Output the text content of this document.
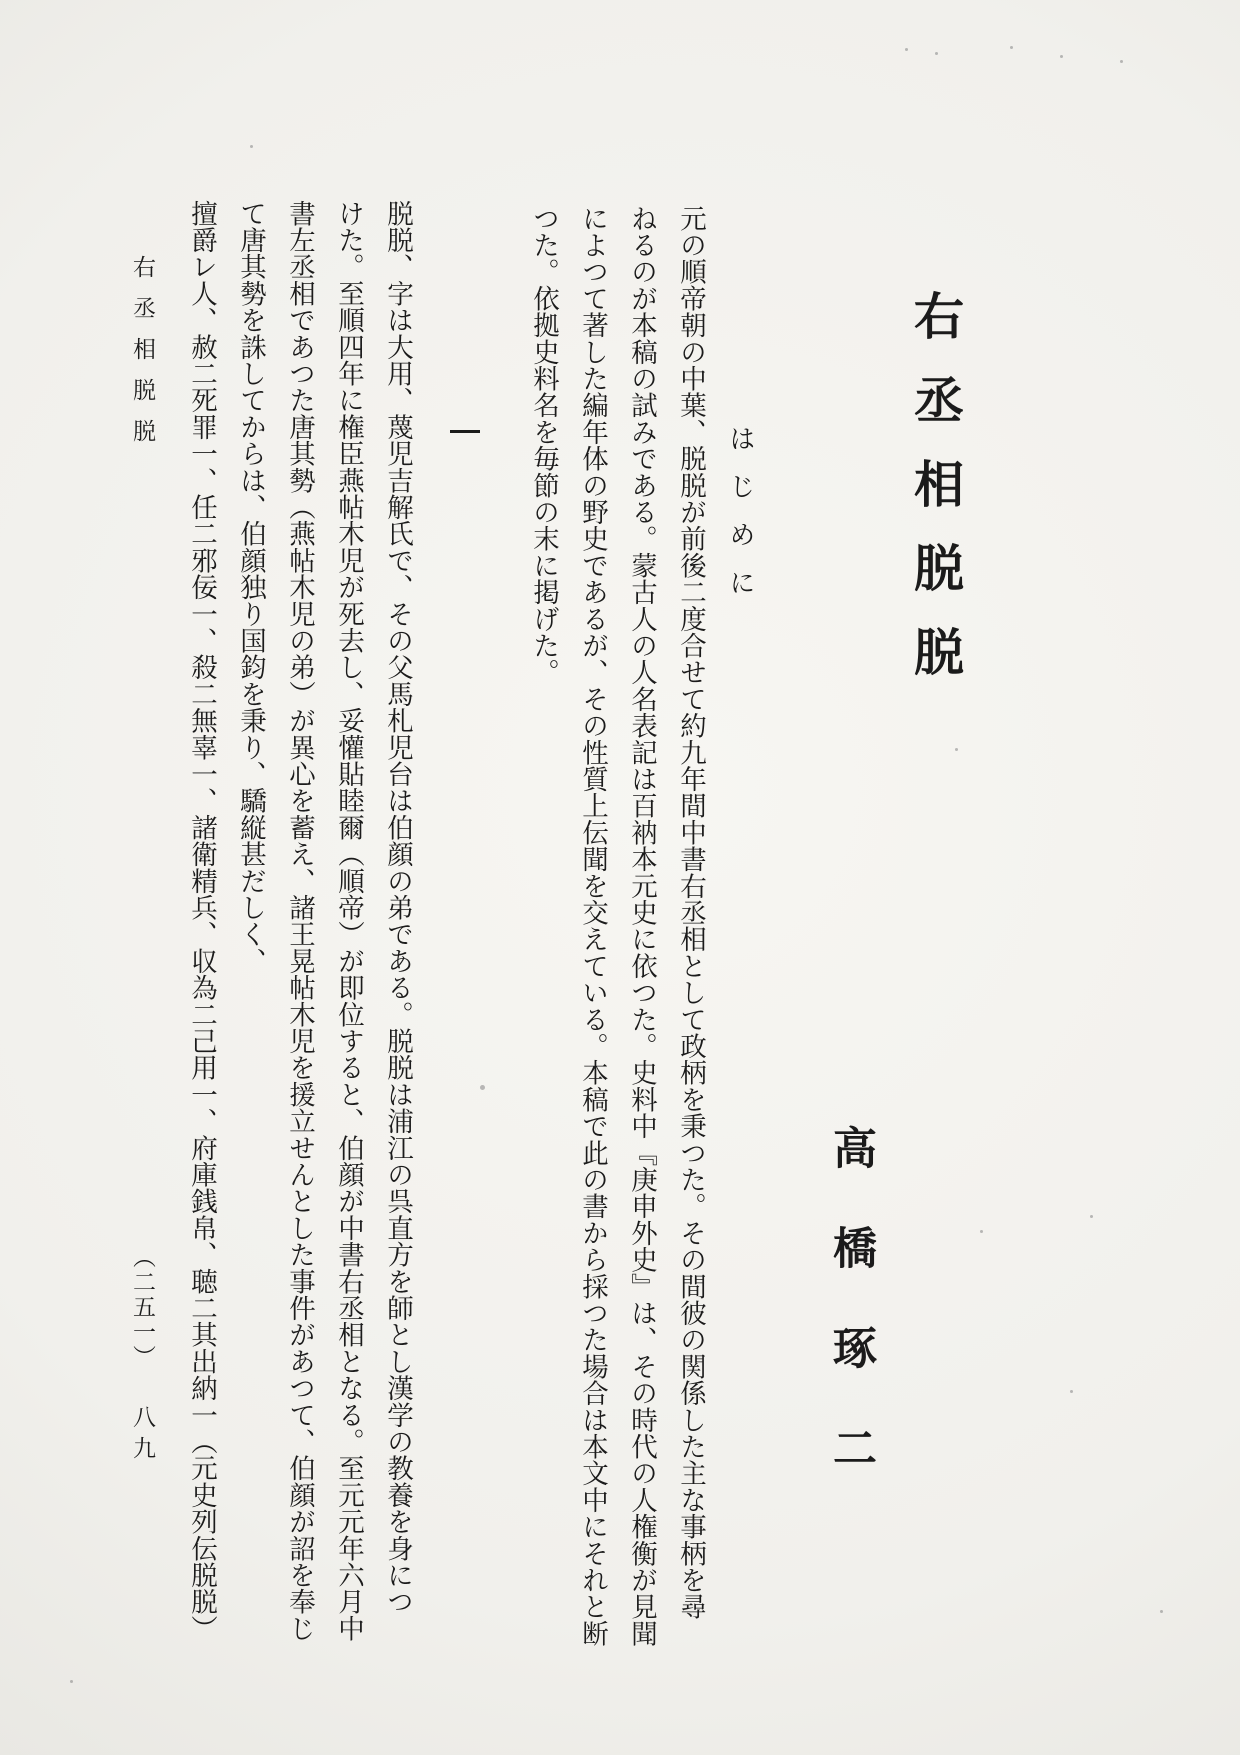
右丞相脱脱
高橋琢二
はじめに
元の順帝朝の中葉、脱脱が前後二度合せて約九年間中書右丞相として政柄を秉つた。その間彼の関係した主な事柄を尋
ねるのが本稿の試みである。蒙古人の人名表記は百衲本元史に依つた。史料中『庚申外史』は、その時代の人権衡が見聞
によつて著した編年体の野史であるが、その性質上伝聞を交えている。本稿で此の書から採つた場合は本文中にそれと断
つた。依拠史料名を毎節の末に掲げた。
脱脱、字は大用、蔑児吉解氏で、その父馬札児台は伯顔の弟である。脱脱は浦江の呉直方を師とし漢学の教養を身につ
けた。至順四年に権臣燕帖木児が死去し、妥懽貼睦爾（順帝）が即位すると、伯顔が中書右丞相となる。至元元年六月中
書左丞相であつた唐其勢（燕帖木児の弟）が異心を蓄え、諸王晃帖木児を援立せんとした事件があつて、伯顔が詔を奉じ
て唐其勢を誅してからは、伯顔独り国鈞を秉り、驕縦甚だしく、
擅爵レ人、赦二死罪一、任二邪佞一、殺二無辜一、諸衛精兵、収為二己用一、府庫銭帛、聴二其出納一（元史列伝脱脱）
右丞相脱脱
（二五一）
八九
